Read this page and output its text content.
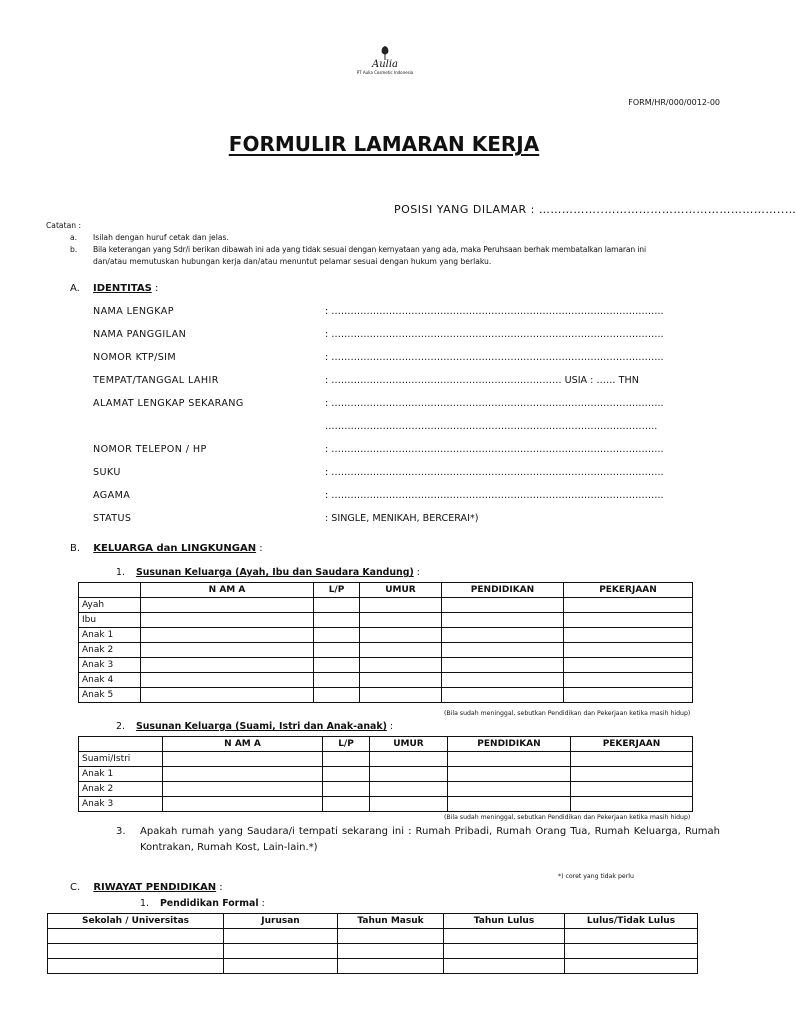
Aulia
PT Aulia Cosmetic Indonesia
FORM/HR/000/0012-00
FORMULIR LAMARAN KERJA
POSISI YANG DILAMAR : ……………..………………………………………..…
Catatan :
a. Isilah dengan huruf cetak dan jelas.
b. Bila keterangan yang Sdr/i berikan dibawah ini ada yang tidak sesuai dengan kernyataan yang ada, maka Peruhsaan berhak membatalkan lamaran ini
dan/atau memutuskan hubungan kerja dan/atau menuntut pelamar sesuai dengan hukum yang berlaku.
A. IDENTITAS :
NAMA LENGKAP	: …………………………………………………………………………………………..
NAMA PANGGILAN	: …………………………………………………………………………………………..
NOMOR KTP/SIM	: …………………………………………………………………………………………..
TEMPAT/TANGGAL LAHIR	: ……………………………………………………………… USIA : …… THN
ALAMAT LENGKAP SEKARANG	: …………………………………………………………………………………………..
…………………………………………………………………………………………..
NOMOR TELEPON / HP	: …………………………………………………………………………………………..
SUKU	: …………………………………………………………………………………………..
AGAMA	: …………………………………………………………………………………………..
STATUS	: SINGLE, MENIKAH, BERCERAI*)
B. KELUARGA dan LINGKUNGAN :
1. Susunan Keluarga (Ayah, Ibu dan Saudara Kandung) :
	N AM A	L/P	UMUR	PENDIDIKAN	PEKERJAAN
Ayah					
Ibu					
Anak 1					
Anak 2					
Anak 3					
Anak 4					
Anak 5					
(Bila sudah meninggal, sebutkan Pendidikan dan Pekerjaan ketika masih hidup)
2. Susunan Keluarga (Suami, Istri dan Anak-anak) :
	N AM A	L/P	UMUR	PENDIDIKAN	PEKERJAAN
Suami/Istri					
Anak 1					
Anak 2					
Anak 3					
(Bila sudah meninggal, sebutkan Pendidikan dan Pekerjaan ketika masih hidup)
3. Apakah rumah yang Saudara/i tempati sekarang ini : Rumah Pribadi, Rumah Orang Tua, Rumah Keluarga, Rumah Kontrakan, Rumah Kost, Lain-lain.*)
*) coret yang tidak perlu
C. RIWAYAT PENDIDIKAN :
1. Pendidikan Formal :
Sekolah / Universitas	Jurusan	Tahun Masuk	Tahun Lulus	Lulus/Tidak Lulus
